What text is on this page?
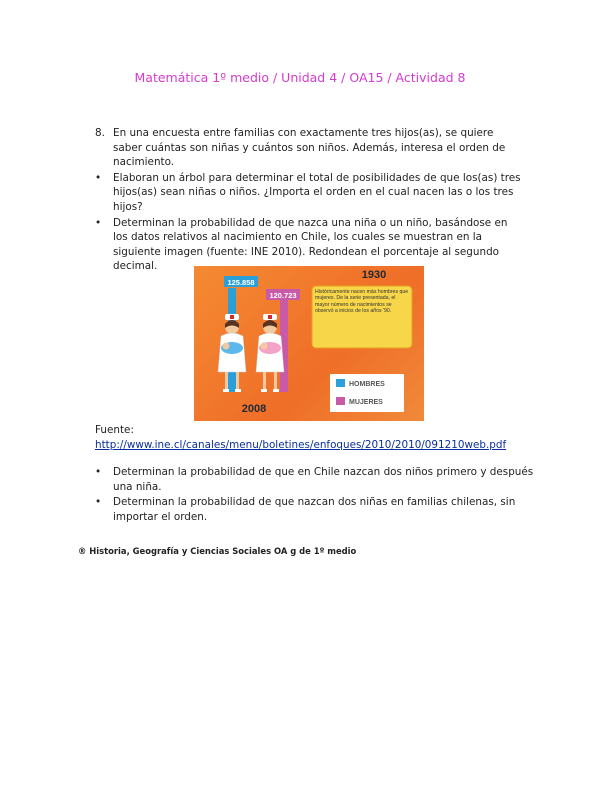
Matemática 1º medio / Unidad 4 / OA15 / Actividad 8
8. En una encuesta entre familias con exactamente tres hijos(as), se quiere saber cuántas son niñas y cuántos son niños. Además, interesa el orden de nacimiento.
•	Elaboran un árbol para determinar el total de posibilidades de que los(as) tres hijos(as) sean niñas o niños. ¿Importa el orden en el cual nacen las o los tres hijos?
•	Determinan la probabilidad de que nazca una niña o un niño, basándose en los datos relativos al nacimiento en Chile, los cuales se muestran en la siguiente imagen (fuente: INE 2010). Redondean el porcentaje al segundo decimal.
125.858
120.723
2008
1930
Históricamente nacen más hombres que mujeres. De la serie presentada, el mayor número de nacimientos se observó a inicios de los años '90.
HOMBRES
MUJERES
Fuente:
http://www.ine.cl/canales/menu/boletines/enfoques/2010/2010/091210web.pdf
•	Determinan la probabilidad de que en Chile nazcan dos niños primero y después una niña.
•	Determinan la probabilidad de que nazcan dos niñas en familias chilenas, sin importar el orden.
® Historia, Geografía y Ciencias Sociales OA g de 1º medio
